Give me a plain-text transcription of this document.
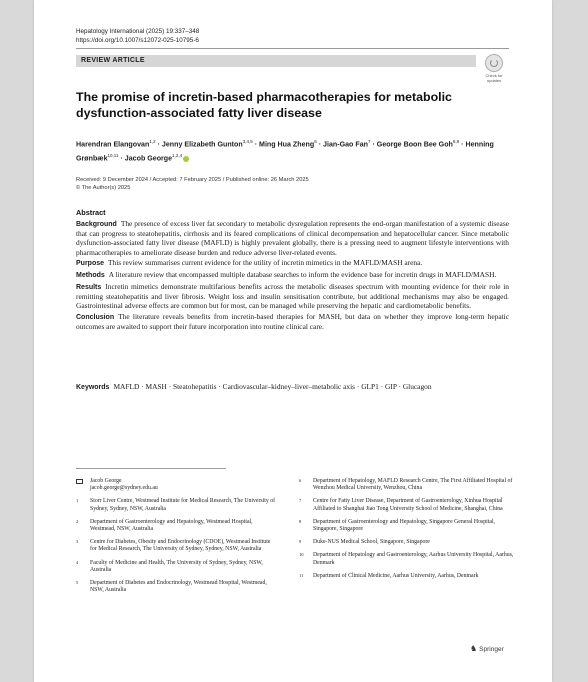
Hepatology International (2025) 19:337–348
https://doi.org/10.1007/s12072-025-10795-6
REVIEW ARTICLE
Check for
updates
The promise of incretin-based pharmacotherapies for metabolic dysfunction-associated fatty liver disease
Harendran Elangovan$^{1,2}$ · Jenny Elizabeth Gunton$^{3,4,5}$ · Ming Hua Zheng$^6$ · Jian-Gao Fan$^7$ · George Boon Bee Goh$^{8,9}$ · Henning Grønbæk$^{10,11}$ · Jacob George$^{1,2,4}$
Received: 9 December 2024 / Accepted: 7 February 2025 / Published online: 26 March 2025
© The Author(s) 2025
Abstract

Background The presence of excess liver fat secondary to metabolic dysregulation represents the end-organ manifestation of a systemic disease that can progress to steatohepatitis, cirrhosis and its feared complications of clinical decompensation and hepatocellular cancer. Since metabolic dysfunction-associated fatty liver disease (MAFLD) is highly prevalent globally, there is a pressing need to augment lifestyle interventions with pharmacotherapies to ameliorate disease burden and reduce adverse liver-related events.

Purpose This review summarises current evidence for the utility of incretin mimetics in the MAFLD/MASH arena.

Methods A literature review that encompassed multiple database searches to inform the evidence base for incretin drugs in MAFLD/MASH.

Results Incretin mimetics demonstrate multifarious benefits across the metabolic diseases spectrum with mounting evidence for their role in remitting steatohepatitis and liver fibrosis. Weight loss and insulin sensitisation contribute, but additional mechanisms may also be engaged. Gastrointestinal adverse effects are common but for most, can be managed while preserving the hepatic and cardiometabolic benefits.

Conclusion The literature reveals benefits from incretin-based therapies for MASH, but data on whether they improve long-term hepatic outcomes are awaited to support their future incorporation into routine clinical care.

Keywords MAFLD · MASH · Steatohepatitis · Cardiovascular–kidney–liver–metabolic axis · GLP1 · GIP · Glucagon
Jacob George
jacob.george@sydney.edu.au
1 Storr Liver Centre, Westmead Institute for Medical Research, The University of Sydney, Sydney, NSW, Australia
2 Department of Gastroenterology and Hepatology, Westmead Hospital, Westmead, NSW, Australia
3 Centre for Diabetes, Obesity and Endocrinology (CDOE), Westmead Institute for Medical Research, The University of Sydney, Sydney, NSW, Australia
4 Faculty of Medicine and Health, The University of Sydney, Sydney, NSW, Australia
5 Department of Diabetes and Endocrinology, Westmead Hospital, Westmead, NSW, Australia
6 Department of Hepatology, MAFLD Research Centre, The First Affiliated Hospital of Wenzhou Medical University, Wenzhou, China
7 Centre for Fatty Liver Disease, Department of Gastroenterology, Xinhua Hospital Affiliated to Shanghai Jiao Tong University School of Medicine, Shanghai, China
8 Department of Gastroenterology and Hepatology, Singapore General Hospital, Singapore, Singapore
9 Duke-NUS Medical School, Singapore, Singapore
10 Department of Hepatology and Gastroenterology, Aarhus University Hospital, Aarhus, Denmark
11 Department of Clinical Medicine, Aarhus University, Aarhus, Denmark
♞ Springer
